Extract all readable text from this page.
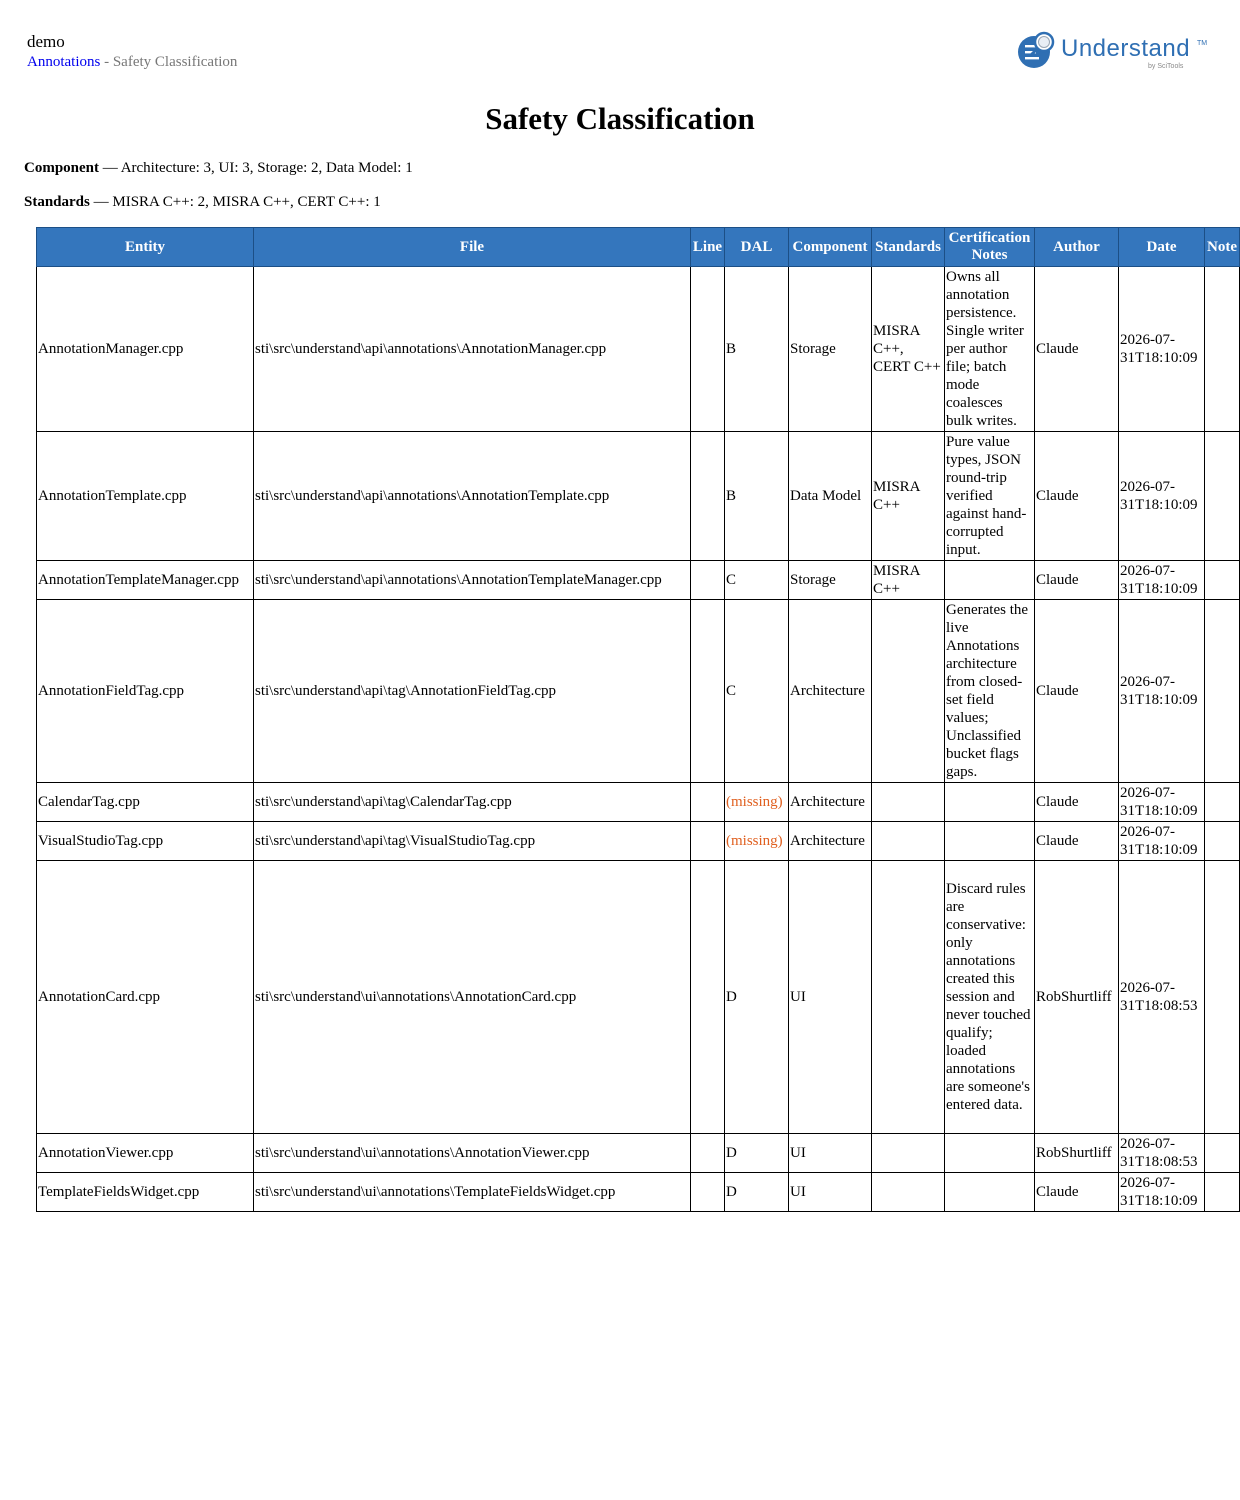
demo
Annotations - Safety Classification	Understand TM
by SciTools
Safety Classification
Component — Architecture: 3, UI: 3, Storage: 2, Data Model: 1
Standards — MISRA C++: 2, MISRA C++, CERT C++: 1
Entity	File	Line	DAL	Component	Standards	Certification Notes	Author	Date	Note
AnnotationManager.cpp	sti\src\understand\api\annotations\AnnotationManager.cpp		B	Storage	MISRA C++, CERT C++	Owns all annotation persistence. Single writer per author file; batch mode coalesces bulk writes.	Claude	2026-07-31T18:10:09	
AnnotationTemplate.cpp	sti\src\understand\api\annotations\AnnotationTemplate.cpp		B	Data Model	MISRA C++	Pure value types, JSON round-trip verified against hand-corrupted input.	Claude	2026-07-31T18:10:09	
AnnotationTemplateManager.cpp	sti\src\understand\api\annotations\AnnotationTemplateManager.cpp		C	Storage	MISRA C++		Claude	2026-07-31T18:10:09	
AnnotationFieldTag.cpp	sti\src\understand\api\tag\AnnotationFieldTag.cpp		C	Architecture		Generates the live Annotations architecture from closed-set field values; Unclassified bucket flags gaps.	Claude	2026-07-31T18:10:09	
CalendarTag.cpp	sti\src\understand\api\tag\CalendarTag.cpp		(missing)	Architecture			Claude	2026-07-31T18:10:09	
VisualStudioTag.cpp	sti\src\understand\api\tag\VisualStudioTag.cpp		(missing)	Architecture			Claude	2026-07-31T18:10:09	
AnnotationCard.cpp	sti\src\understand\ui\annotations\AnnotationCard.cpp		D	UI		Discard rules are conservative: only annotations created this session and never touched qualify; loaded annotations are someone's entered data.	RobShurtliff	2026-07-31T18:08:53	
AnnotationViewer.cpp	sti\src\understand\ui\annotations\AnnotationViewer.cpp		D	UI			RobShurtliff	2026-07-31T18:08:53	
TemplateFieldsWidget.cpp	sti\src\understand\ui\annotations\TemplateFieldsWidget.cpp		D	UI			Claude	2026-07-31T18:10:09	
